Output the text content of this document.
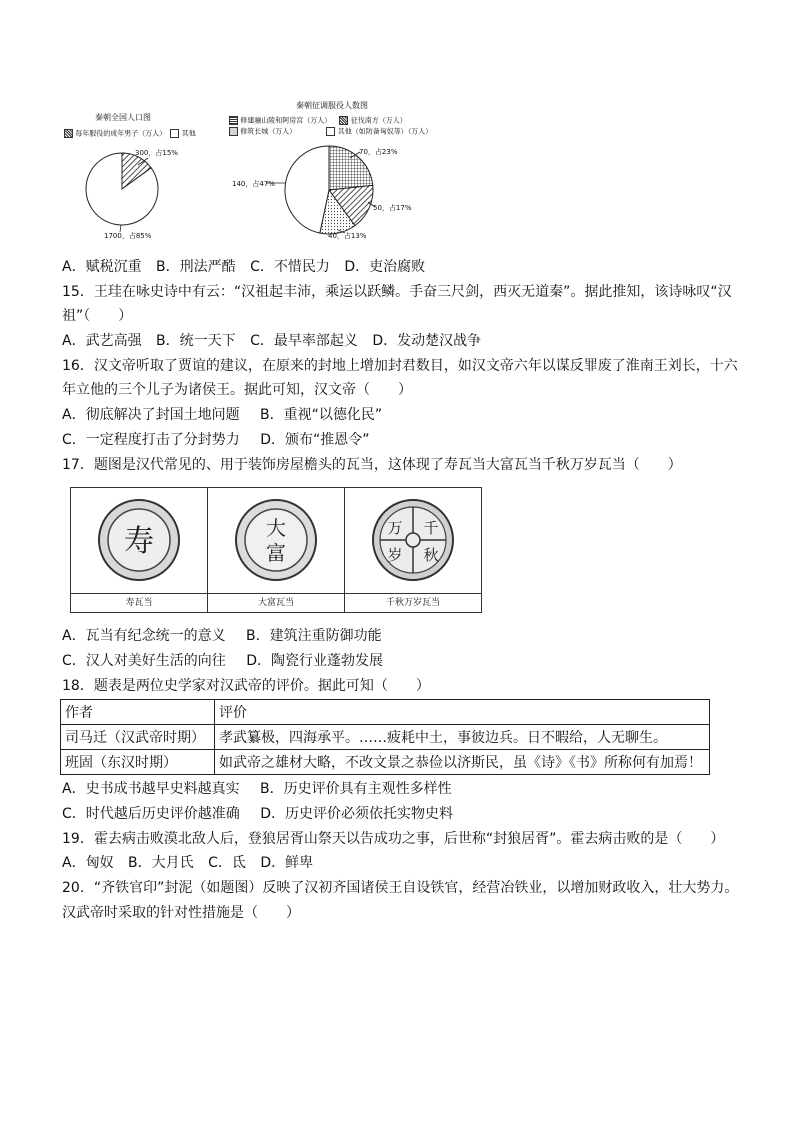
秦朝全国人口图
每年服役的成年男子（万人） 其他
300，占15%
1700，占85%
秦朝征调服役人数图
修建骊山陵和阿房宫（万人）	征伐南方（万人）
修筑长城（万人）	其他（如防备匈奴等）（万人）
70，占23%
50，占17%
40，占13%
140，占47%
A．赋税沉重 B．刑法严酷 C．不惜民力 D．吏治腐败
15．王珪在咏史诗中有云：“汉祖起丰沛，乘运以跃鳞。手奋三尺剑，西灭无道秦”。据此推知，该诗咏叹“汉
祖”（　　）
A．武艺高强 B．统一天下 C．最早率部起义 D．发动楚汉战争
16．汉文帝听取了贾谊的建议，在原来的封地上增加封君数目，如汉文帝六年以谋反罪废了淮南王刘长，十六
年立他的三个儿子为诸侯王。据此可知，汉文帝（　　）
A．彻底解决了封国土地问题 B．重视“以德化民”
C．一定程度打击了分封势力 D．颁布“推恩令”
17．题图是汉代常见的、用于装饰房屋檐头的瓦当，这体现了寿瓦当大富瓦当千秋万岁瓦当（　　）
寿
寿瓦当
大
富
大富瓦当
千
秋
万
岁
千秋万岁瓦当
A．瓦当有纪念统一的意义 B．建筑注重防御功能
C．汉人对美好生活的向往 D．陶瓷行业蓬勃发展
18．题表是两位史学家对汉武帝的评价。据此可知（　　）
作者	评价
司马迁（汉武帝时期）	孝武纂极，四海承平。……疲耗中土，事彼边兵。日不暇给，人无聊生。
班固（东汉时期）	如武帝之雄材大略，不改文景之恭俭以济斯民，虽《诗》《书》所称何有加焉！
A．史书成书越早史料越真实 B．历史评价具有主观性多样性
C．时代越后历史评价越准确 D．历史评价必须依托实物史料
19．霍去病击败漠北敌人后，登狼居胥山祭天以告成功之事，后世称“封狼居胥”。霍去病击败的是（　　）
A．匈奴 B．大月氏 C．氐 D．鲜卑
20．“齐铁官印”封泥（如题图）反映了汉初齐国诸侯王自设铁官，经营冶铁业，以增加财政收入，壮大势力。
汉武帝时采取的针对性措施是（　　）
